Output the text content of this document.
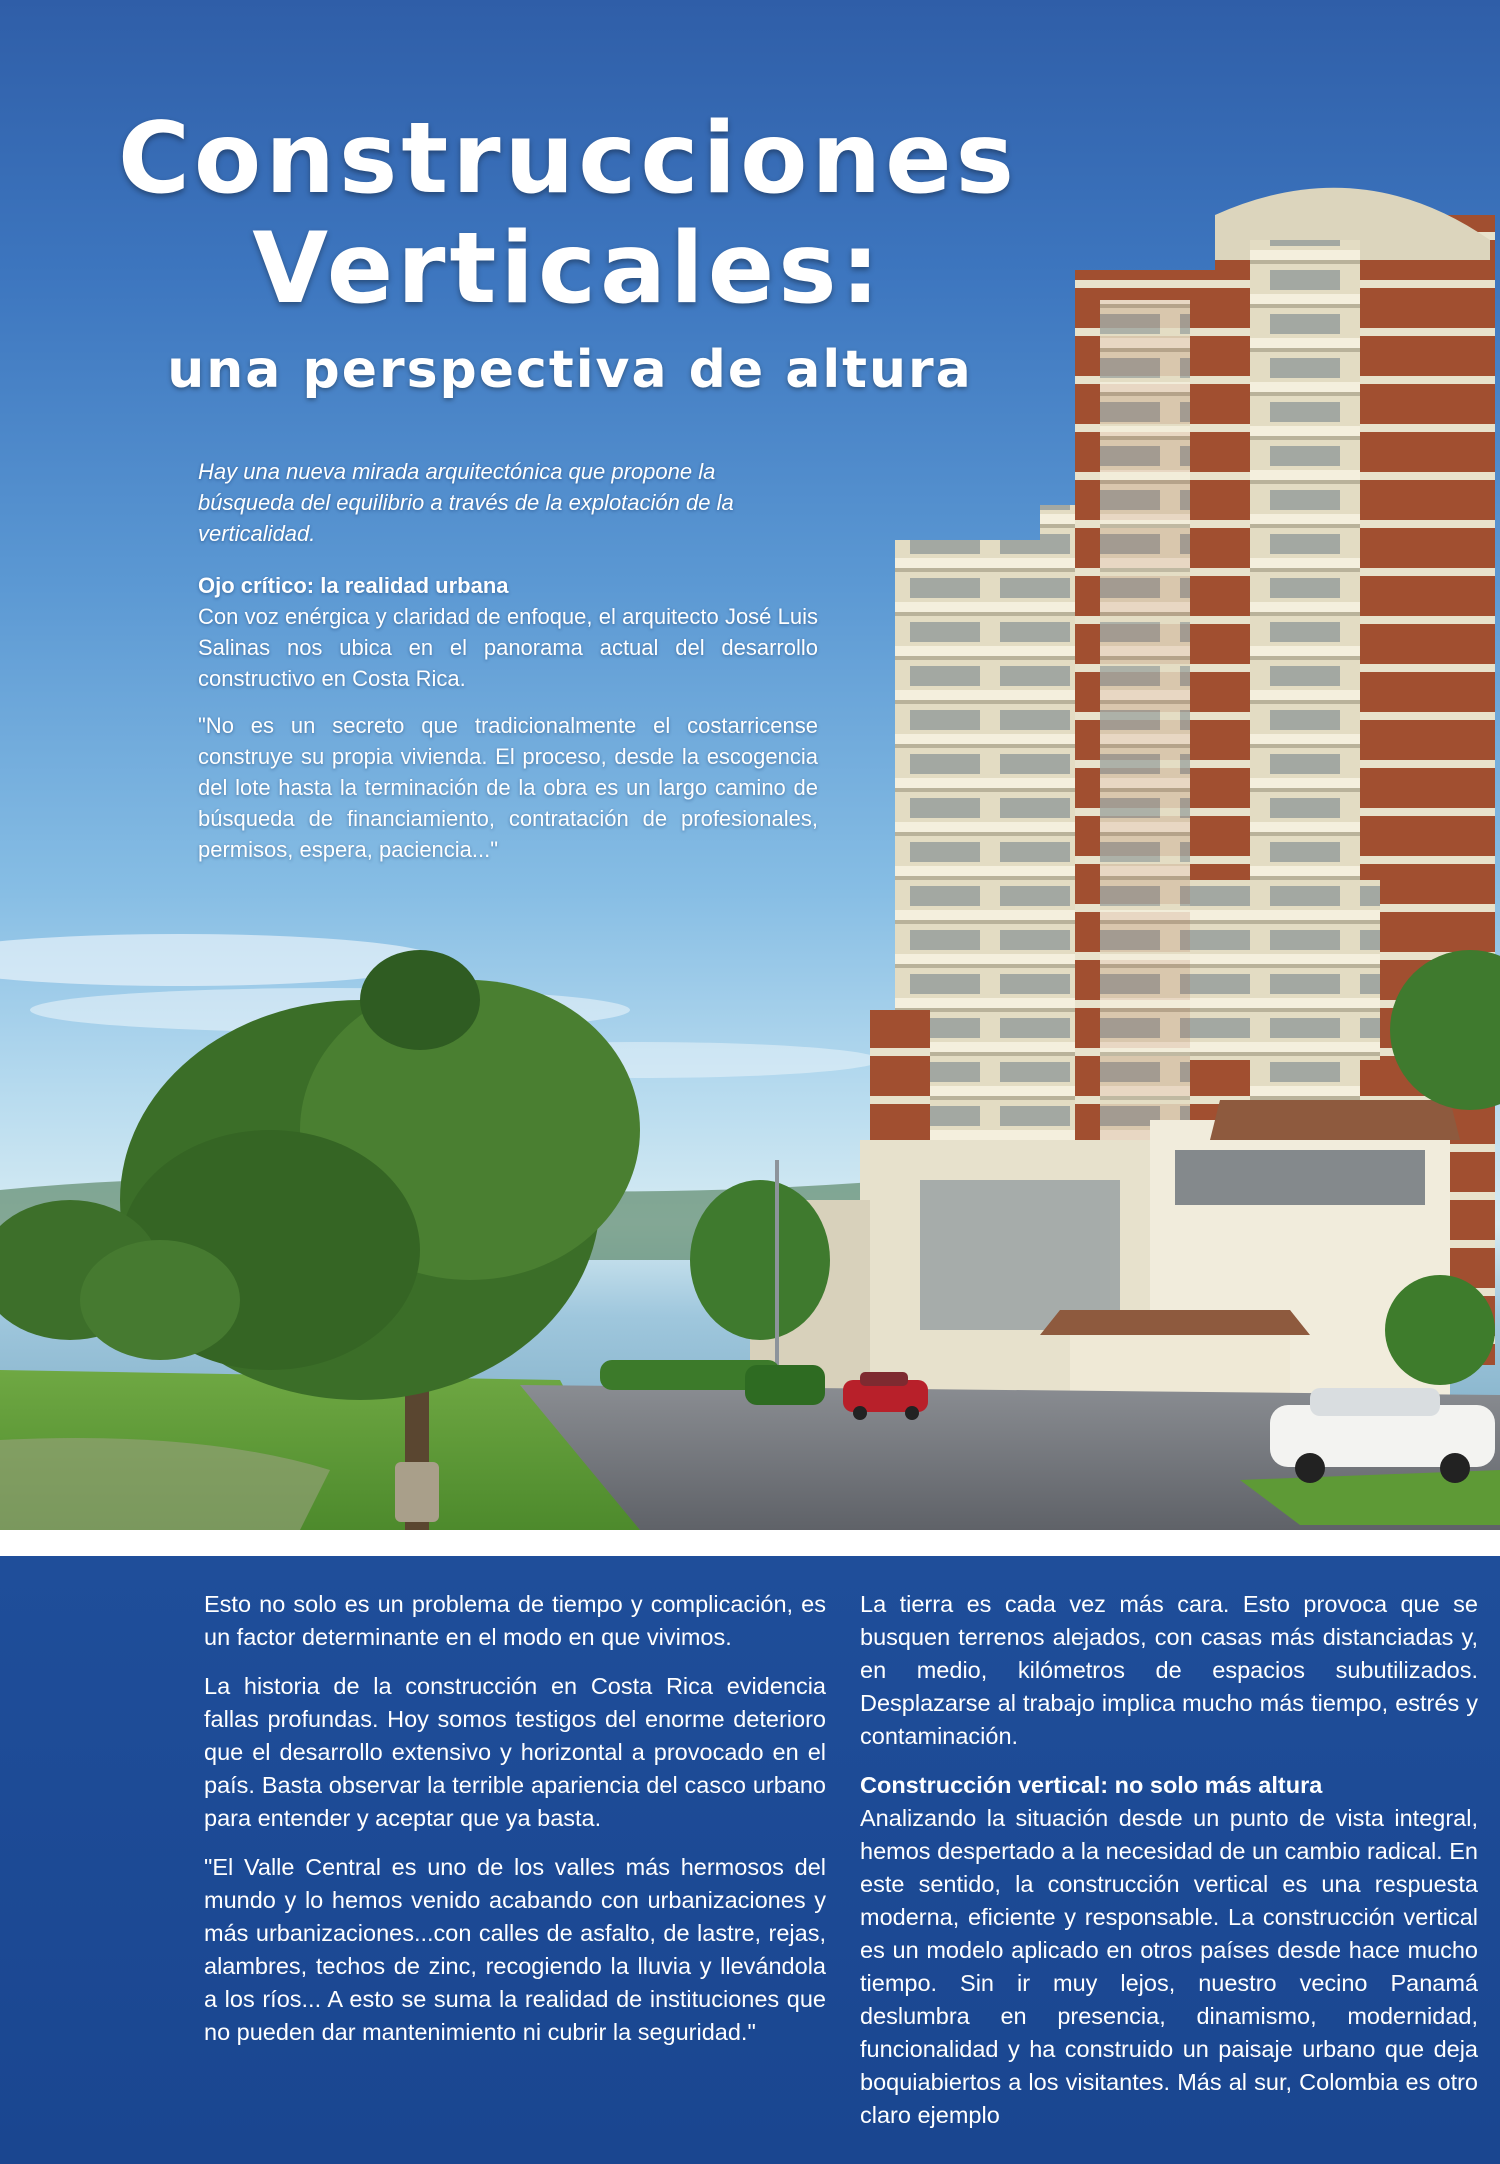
Construcciones
Verticales:
una perspectiva de altura

Hay una nueva mirada arquitectónica que propone la búsqueda del equilibrio a través de la explotación de la verticalidad.

Ojo crítico: la realidad urbana

Con voz enérgica y claridad de enfoque, el arquitecto José Luis Salinas nos ubica en el panorama actual del desarrollo constructivo en Costa Rica.

"No es un secreto que tradicionalmente el costarricense construye su propia vivienda. El proceso, desde la escogencia del lote hasta la terminación de la obra es un largo camino de búsqueda de financiamiento, contratación de profesionales, permisos, espera, paciencia..."

Esto no solo es un problema de tiempo y complicación, es un factor determinante en el modo en que vivimos.

La historia de la construcción en Costa Rica evidencia fallas profundas. Hoy somos testigos del enorme deterioro que el desarrollo extensivo y horizontal a provocado en el país. Basta observar la terrible apariencia del casco urbano para entender y aceptar que ya basta.

"El Valle Central es uno de los valles más hermosos del mundo y lo hemos venido acabando con urbanizaciones y más urbanizaciones...con calles de asfalto, de lastre, rejas, alambres, techos de zinc, recogiendo la lluvia y llevándola a los ríos... A esto se suma la realidad de instituciones que no pueden dar mantenimiento ni cubrir la seguridad."

La tierra es cada vez más cara. Esto provoca que se busquen terrenos alejados, con casas más distanciadas y, en medio, kilómetros de espacios subutilizados. Desplazarse al trabajo implica mucho más tiempo, estrés y contaminación.

Construcción vertical: no solo más altura

Analizando la situación desde un punto de vista integral, hemos despertado a la necesidad de un cambio radical. En este sentido, la construcción vertical es una respuesta moderna, eficiente y responsable. La construcción vertical es un modelo aplicado en otros países desde hace mucho tiempo. Sin ir muy lejos, nuestro vecino Panamá deslumbra en presencia, dinamismo, modernidad, funcionalidad y ha construido un paisaje urbano que deja boquiabiertos a los visitantes. Más al sur, Colombia es otro claro ejemplo
